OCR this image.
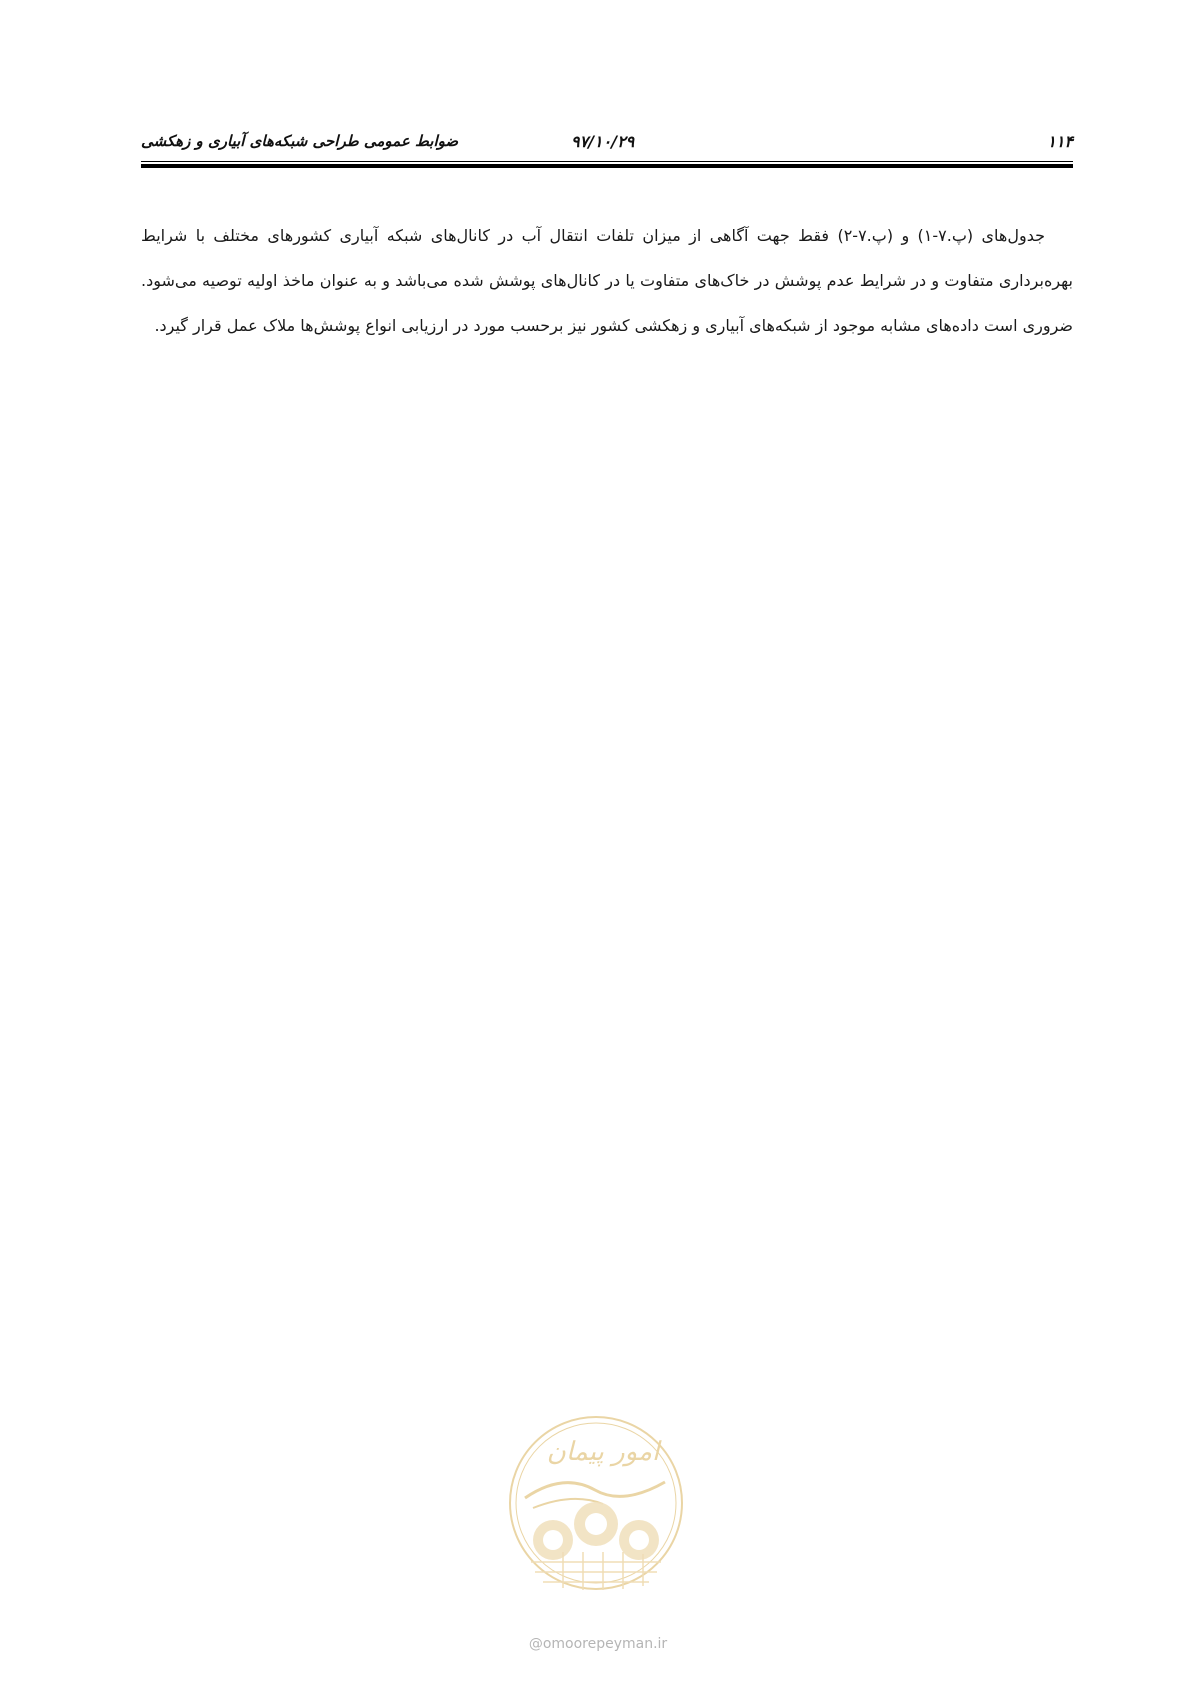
۱۱۴
۹۷/۱۰/۲۹
ضوابط عمومی طراحی شبکه‌های آبیاری و زهکشی

جدول‌های (پ.۷-۱) و (پ.۷-۲) فقط جهت آگاهی از میزان تلفات انتقال آب در کانال‌های شبکه آبیاری کشورهای مختلف با شرایط بهره‌برداری متفاوت و در شرایط عدم پوشش در خاک‌های متفاوت یا در کانال‌های پوشش شده می‌باشد و به عنوان ماخذ اولیه توصیه می‌شود. ضروری است داده‌های مشابه موجود از شبکه‌های آبیاری و زهکشی کشور نیز برحسب مورد در ارزیابی انواع پوشش‌ها ملاک عمل قرار گیرد.

امور پیمان
@omoorepeyman.ir
